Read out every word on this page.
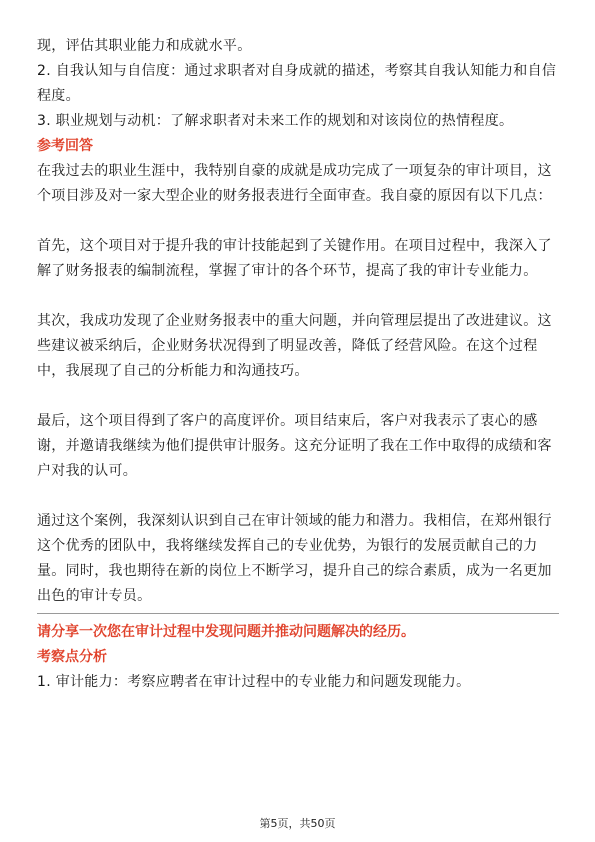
现，评估其职业能力和成就水平。
2. 自我认知与自信度：通过求职者对自身成就的描述，考察其自我认知能力和自信
程度。
3. 职业规划与动机：了解求职者对未来工作的规划和对该岗位的热情程度。
参考回答
在我过去的职业生涯中，我特别自豪的成就是成功完成了一项复杂的审计项目，这
个项目涉及对一家大型企业的财务报表进行全面审查。我自豪的原因有以下几点：
首先，这个项目对于提升我的审计技能起到了关键作用。在项目过程中，我深入了
解了财务报表的编制流程，掌握了审计的各个环节，提高了我的审计专业能力。
其次，我成功发现了企业财务报表中的重大问题，并向管理层提出了改进建议。这
些建议被采纳后，企业财务状况得到了明显改善，降低了经营风险。在这个过程
中，我展现了自己的分析能力和沟通技巧。
最后，这个项目得到了客户的高度评价。项目结束后，客户对我表示了衷心的感
谢，并邀请我继续为他们提供审计服务。这充分证明了我在工作中取得的成绩和客
户对我的认可。
通过这个案例，我深刻认识到自己在审计领域的能力和潜力。我相信，在郑州银行
这个优秀的团队中，我将继续发挥自己的专业优势，为银行的发展贡献自己的力
量。同时，我也期待在新的岗位上不断学习，提升自己的综合素质，成为一名更加
出色的审计专员。
请分享一次您在审计过程中发现问题并推动问题解决的经历。
考察点分析
1. 审计能力：考察应聘者在审计过程中的专业能力和问题发现能力。
第5页，共50页
